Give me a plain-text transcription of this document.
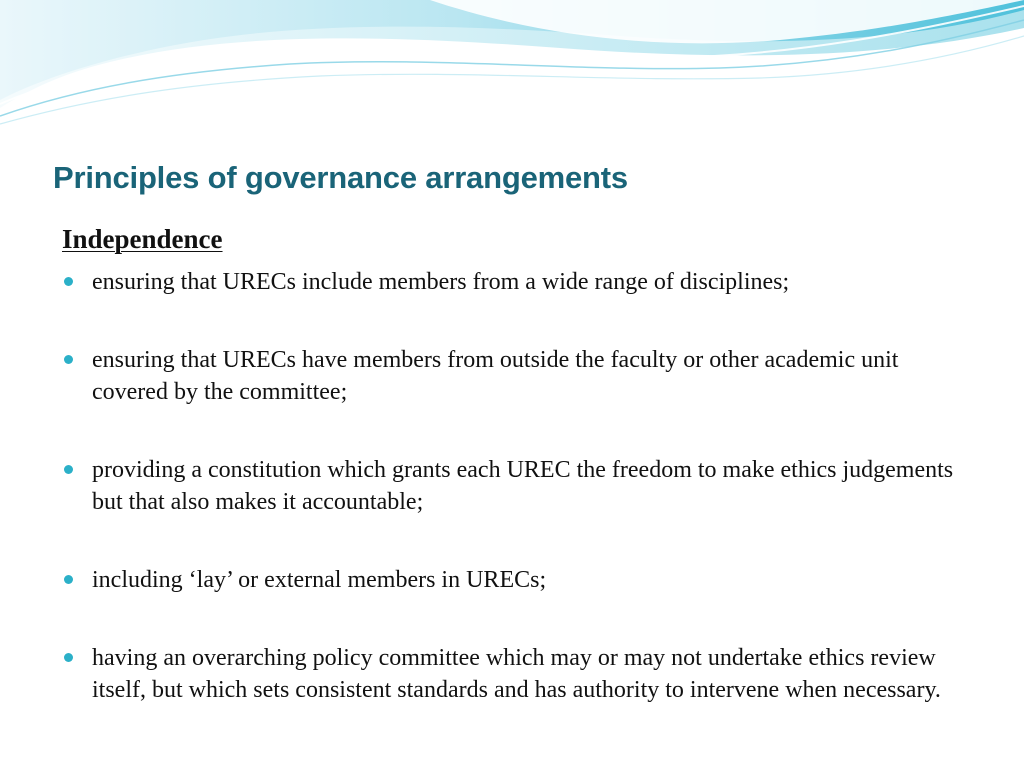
Principles of governance arrangements
Independence
ensuring that URECs include members from a wide range of disciplines;
ensuring that URECs have members from outside the faculty or other academic unit covered by the committee;
providing a constitution which grants each UREC the freedom to make ethics judgements but that also makes it accountable;
including ‘lay’ or external members in URECs;
having an overarching policy committee which may or may not undertake ethics review itself, but which sets consistent standards and has authority to intervene when necessary.
